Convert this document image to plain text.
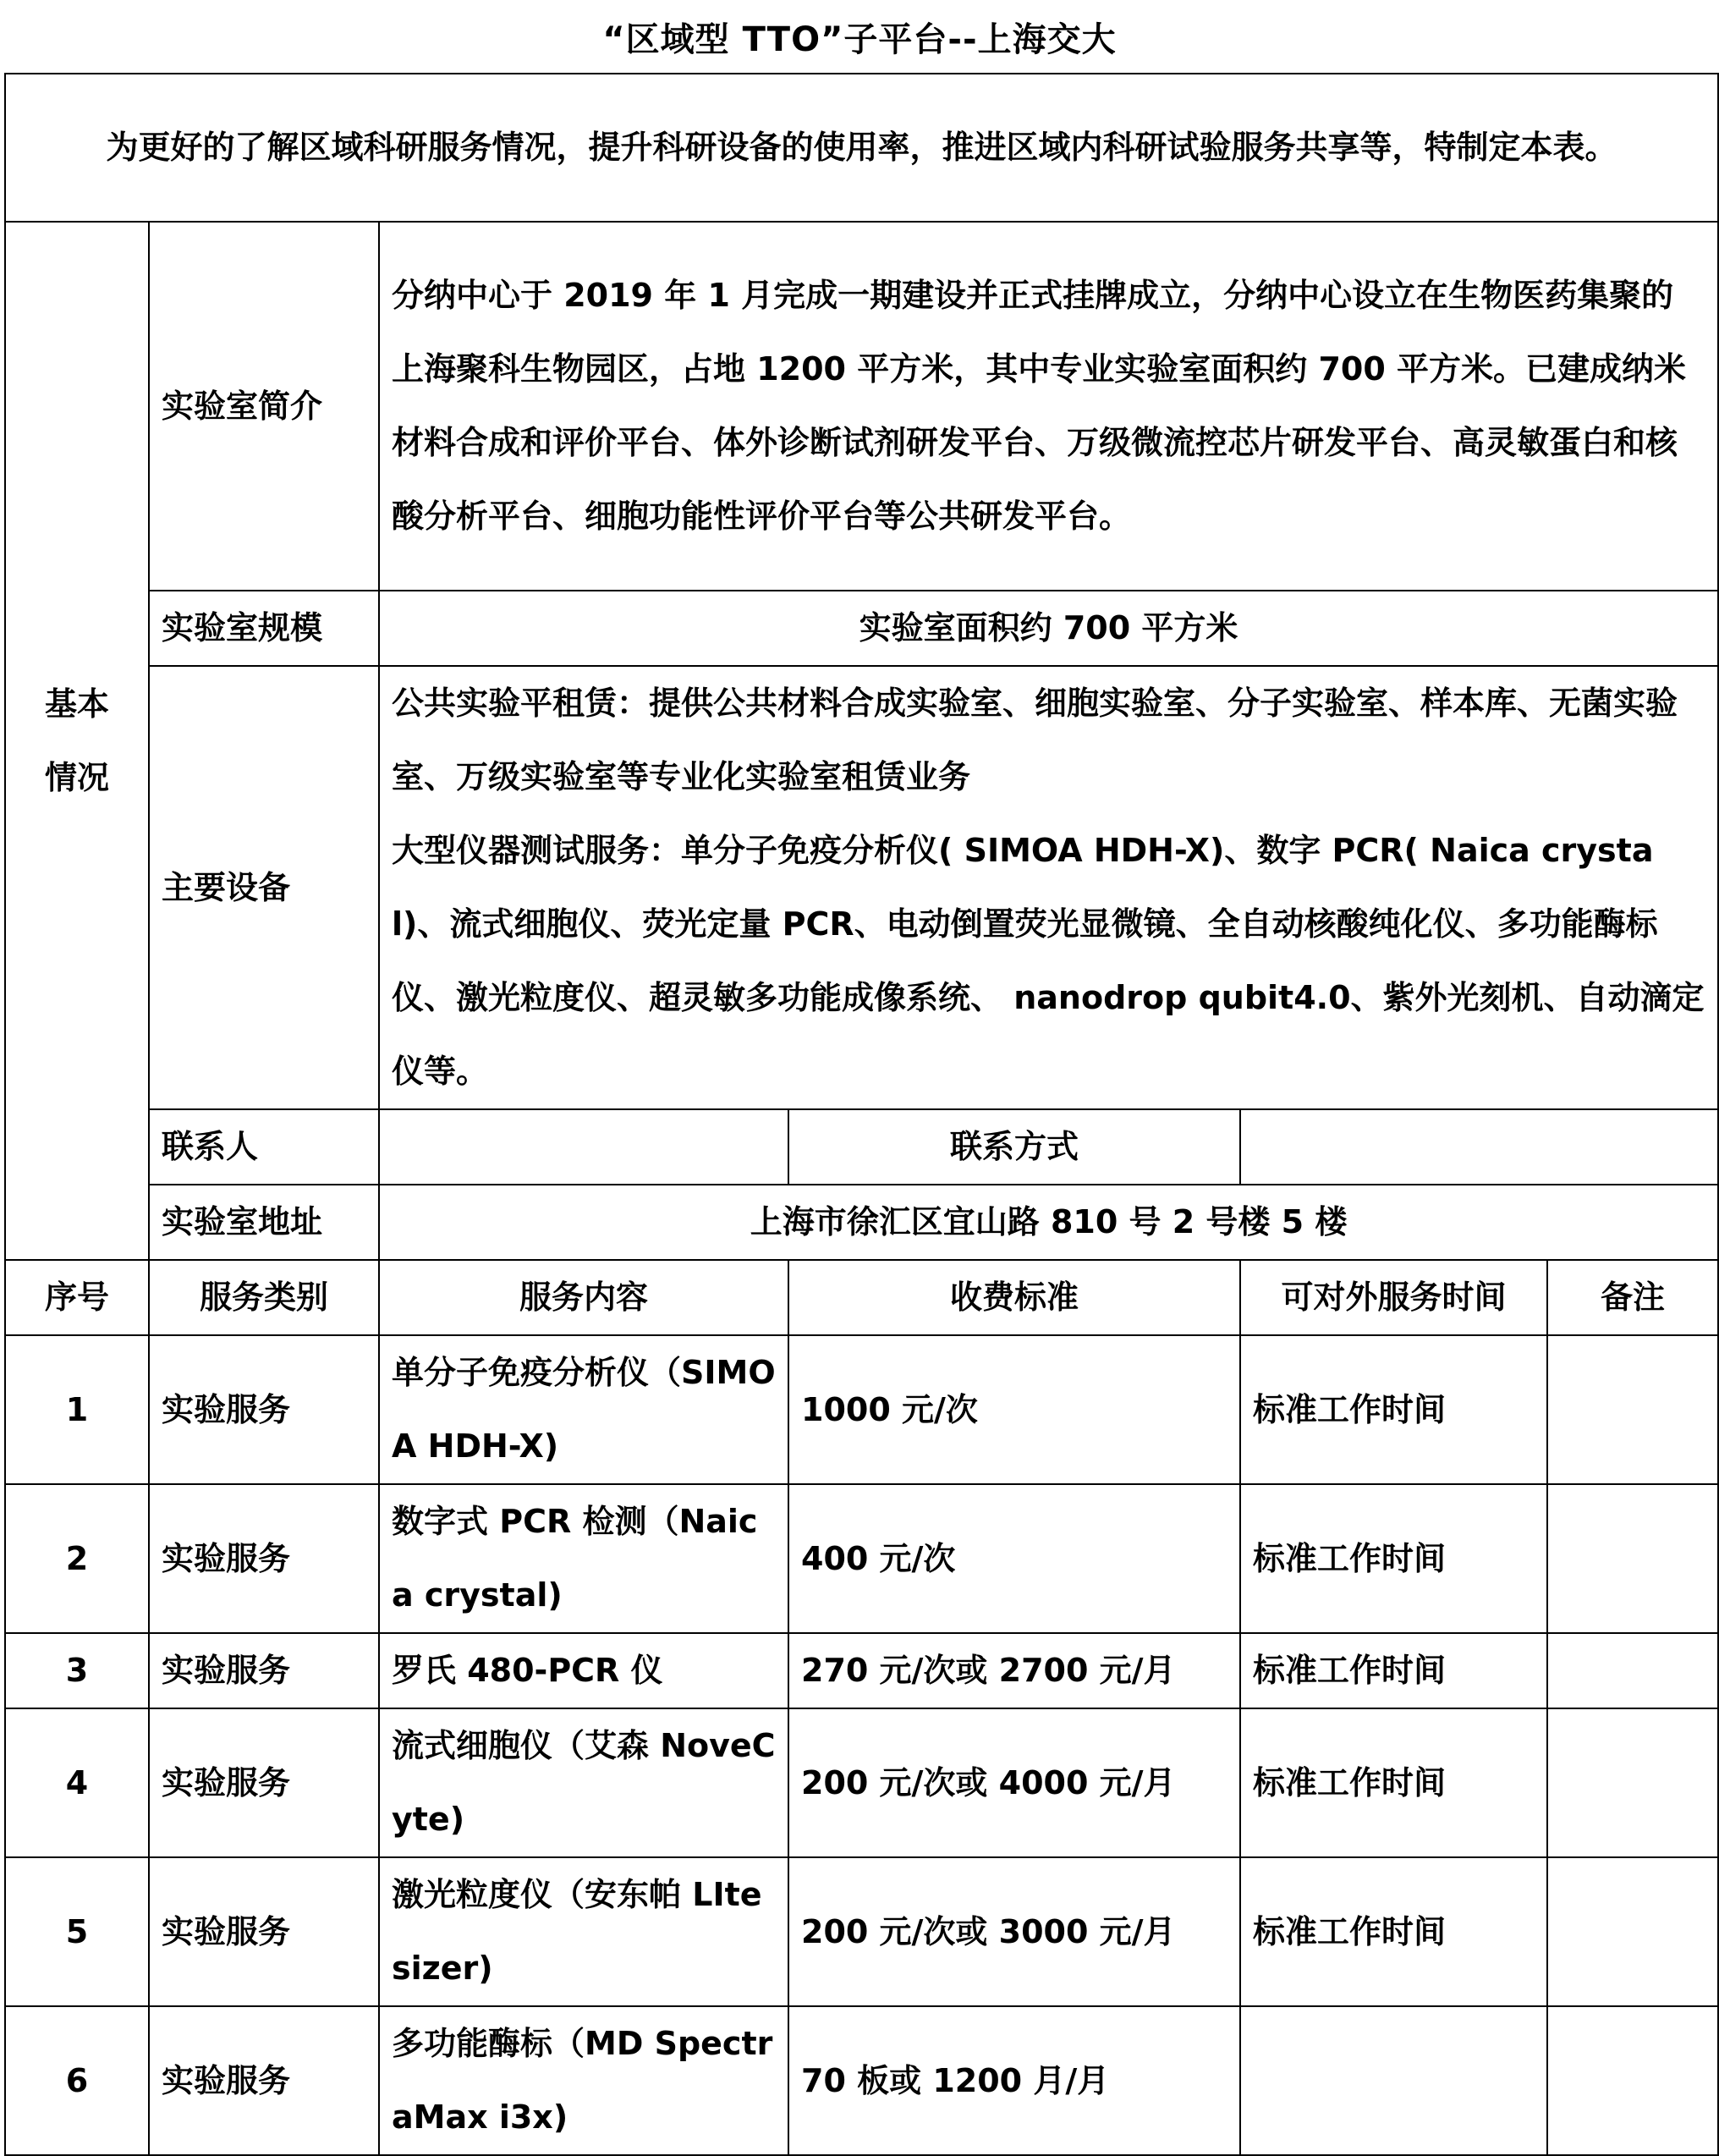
“区域型 TTO”子平台--上海交大
为更好的了解区域科研服务情况，提升科研设备的使用率，推进区域内科研试验服务共享等，特制定本表。					
基本情况	实验室简介	分纳中心于 2019 年 1 月完成一期建设并正式挂牌成立，分纳中心设立在生物医药集聚的上海聚科生物园区，占地 1200 平方米，其中专业实验室面积约 700 平方米。已建成纳米材料合成和评价平台、体外诊断试剂研发平台、万级微流控芯片研发平台、高灵敏蛋白和核酸分析平台、细胞功能性评价平台等公共研发平台。			
	实验室规模	实验室面积约 700 平方米			
	主要设备	公共实验平租赁：提供公共材料合成实验室、细胞实验室、分子实验室、样本库、无菌实验室、万级实验室等专业化实验室租赁业务
大型仪器测试服务：单分子免疫分析仪( SIMOA HDH-X)、数字 PCR( Naica crystal)、流式细胞仪、荧光定量 PCR、电动倒置荧光显微镜、全自动核酸纯化仪、多功能酶标仪、激光粒度仪、超灵敏多功能成像系统、 nanodrop qubit4.0、紫外光刻机、自动滴定仪等。			

	联系人		联系方式		
	实验室地址	上海市徐汇区宜山路 810 号 2 号楼 5 楼			
序号	服务类别	服务内容	收费标准	可对外服务时间	备注
1	实验服务	单分子免疫分析仪（SIMOA HDH-X)	1000 元/次	标准工作时间	
2	实验服务	数字式 PCR 检测（Naica crystal)	400 元/次	标准工作时间	
3	实验服务	罗氏 480-PCR 仪	270 元/次或 2700 元/月	标准工作时间	
4	实验服务	流式细胞仪（艾森 NoveCyte)	200 元/次或 4000 元/月	标准工作时间	
5	实验服务	激光粒度仪（安东帕 LItesizer)	200 元/次或 3000 元/月	标准工作时间	
6	实验服务	多功能酶标（MD SpectraMax i3x)	70 板或 1200 月/月		
